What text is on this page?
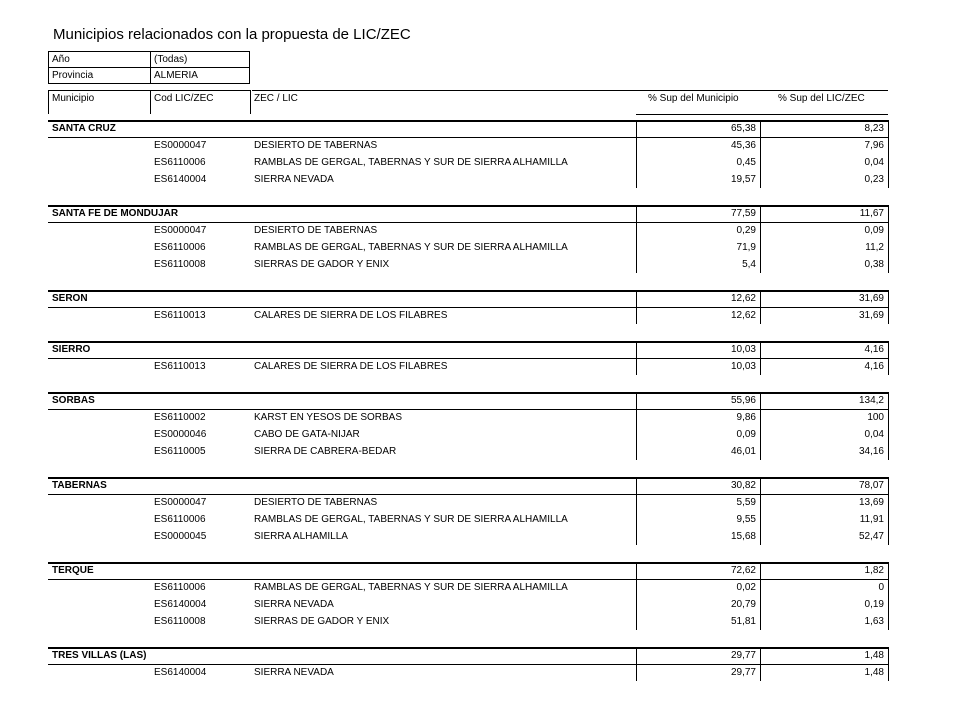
Municipios relacionados con la propuesta de LIC/ZEC
Año	(Todas)
Provincia	ALMERIA
Municipio	Cod LIC/ZEC	ZEC / LIC	% Sup del Municipio	% Sup del LIC/ZEC
SANTA CRUZ	65,38	8,23
ES0000047	DESIERTO DE TABERNAS	45,36	7,96
ES6110006	RAMBLAS DE GERGAL, TABERNAS Y SUR DE SIERRA ALHAMILLA	0,45	0,04
ES6140004	SIERRA NEVADA	19,57	0,23
SANTA FE DE MONDUJAR	77,59	11,67
ES0000047	DESIERTO DE TABERNAS	0,29	0,09
ES6110006	RAMBLAS DE GERGAL, TABERNAS Y SUR DE SIERRA ALHAMILLA	71,9	11,2
ES6110008	SIERRAS DE GADOR Y ENIX	5,4	0,38
SERON	12,62	31,69
ES6110013	CALARES DE SIERRA DE LOS FILABRES	12,62	31,69
SIERRO	10,03	4,16
ES6110013	CALARES DE SIERRA DE LOS FILABRES	10,03	4,16
SORBAS	55,96	134,2
ES6110002	KARST EN YESOS DE SORBAS	9,86	100
ES0000046	CABO DE GATA-NIJAR	0,09	0,04
ES6110005	SIERRA DE CABRERA-BEDAR	46,01	34,16
TABERNAS	30,82	78,07
ES0000047	DESIERTO DE TABERNAS	5,59	13,69
ES6110006	RAMBLAS DE GERGAL, TABERNAS Y SUR DE SIERRA ALHAMILLA	9,55	11,91
ES0000045	SIERRA ALHAMILLA	15,68	52,47
TERQUE	72,62	1,82
ES6110006	RAMBLAS DE GERGAL, TABERNAS Y SUR DE SIERRA ALHAMILLA	0,02	0
ES6140004	SIERRA NEVADA	20,79	0,19
ES6110008	SIERRAS DE GADOR Y ENIX	51,81	1,63
TRES VILLAS (LAS)	29,77	1,48
ES6140004	SIERRA NEVADA	29,77	1,48
